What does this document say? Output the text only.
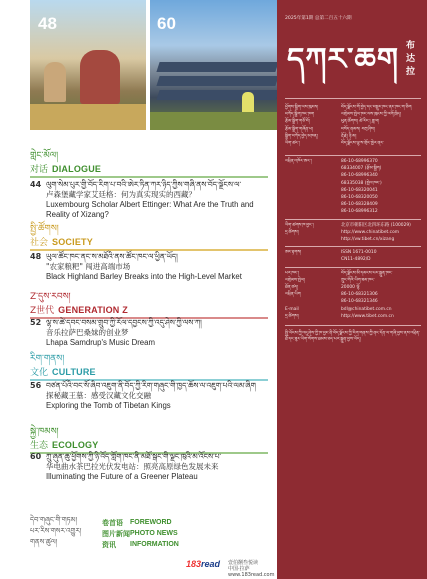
48	60
གླེང་མོལ།
对话 DIALOGUE
44 ལུག་སེམ་པུར་གྱི་བོད་རིག་པ་བའི་ཨེར་ཏིན་ཀར་ཉིད་ཀྱིས་གཞི་ནས་བོད་ལྗོངས་ལ་
卢森堡藏学家艾廷格：何为真实现实的西藏？
Luxembourg Scholar Albert Ettinger: What Are the Truth and Reality of Xizang?
སྤྱི་ཚོགས།
社会 SOCIETY
48 ཡུལ་ཚོང་ཁང་ནང་ས་མཐོའི་ནས་ཚོང་ཁང་ལ་ཕྱིན་ཡོད།
"农家粮粑" 闯进高端市场
Black Highland Barley Breaks into the High-Level Market
Z་དུས་རབས།
Z世代 GENERATION Z
52 ལྷ་ས་ཚེ་དབང་བསམ་གྲུབ་ཀྱི་རོལ་དབྱངས་ཀྱི་འདུ་ཤེས་ཀྱི་ལས་ཀ།
音乐拉萨巴桑妹的创业梦
Lhapa Samdrup's Music Dream
རིག་གནས།
文化 CULTURE
56 བཙན་པོའི་བང་སོ་ཞིབ་འཇུག་ནི་བོད་ཀྱི་རིག་གཞུང་གི་ཁྱད་ཆོས་ལ་འཇུག་པའི་ལམ་ཞིག
探秘藏王墓：感受汉藏文化交融
Exploring the Tomb of Tibetan Kings
སྐྱེ་ཁམས།
生态 ECOLOGY
60 ཀྲུ་ཞུན་ཆུ་ཕྱོགས་ཀྱི་ཉི་འོད་གློག་ཁང་ནི་མཐོ་སྒང་གི་ལྗང་ཁུའི་མ་འོངས་པ་
华电曲水茶巴拉光伏发电站：照亮高原绿色发展未来
Illuminating the Future of a Greener Plateau
དེབ་གཞུང་གི་གཏམ།	卷首语	FOREWORD
པར་རིས་གསར་འགྱུར།	图片新闻 PHOTO NEWS
གནས་ཚུལ།	资讯	INFORMATION
183read 壹伯捌叁悦读
中国·拉萨 www.183read.com
2025年第1期 总第二百五十六期
དཀར་ཆག 布达拉
ཕྱོགས་སྒྲིག་ལས་ཁུངས།	བོད་ལྗོངས་གོ་བྱེད་དང་བསྡུར་ཁང་ནང་ཁང་ག་ཅིག
བཀོད་སྒྲིག་ཁང་ཁག	འགྲེམས་སྤེལ་ཁང་ལས་ཁུངས་ཀྱི་འགོ་ཁྲིད།
རྩོམ་སྒྲིག་གཙོ་བོ།	ཕུན་ཚོགས། ཚེ་རིང་། ཟླ་བ།
རྩོམ་སྒྲིག་གཞོན་པ།	བསོད་ནམས། བཀྲ་ཤིས།
སྒྲིག་བཀོད་བྱེད་མཁན།	རྡོ་རྗེ། ཉི་མ།
ཡིག་ཚང་།	བོད་ལྗོངས་ལྷ་ས་གྲོང་ཁྱེར་ནང་
འཕྲིན་འཁོར་ཨང་།	86-10-68996370
68334007 (རྩོམ་སྒྲིག)
86-10-68996340
68335038 (སྤེལ་ཁང་)
86-10-68320041
86-10-68320050
86-10-68328409
86-10-68996312
ཡིག་ཚགས་ཁ་བྱང་།	北京市朝阳区北四环东路 (100029)
དྲ་ཚིགས།	http://www.chinatibet.com
http://vw.tibet.cn/xizang
ཨང་རྟགས།	ISSN 1671-0010
CN11-4892/D
པར་ཁང་།	བོད་ལྗོངས་མི་དམངས་པར་སྐྲུན་ཁང་
འགྲེམས་སྤེལ།	ཀྲུང་གོའི་ཡིག་ཟམ་ཁང་
ཐོན་ཚད།	20000 ལྷོ
འཕྲིན་ཡིག	86-10-68321306
86-10-68321346
E-mail	bdl@chinatibet.com.cn
དྲ་ཚིགས།	http://www.tibet.com.cn
སྤྱི་ཡོངས་ཀྱི་འདུ་ཤེས་ཀྱི་ཁ་བྱང་ནི་བོད་ལྗོངས་ཀྱི་རིག་གནས་ཀྱི་ནང་དོན་ལ་གཞི་བྱས་ནས་འཕྲིན་ཐོ་དང་ཟུར་ཡིག་སོགས་ཐམས་ཅད་པར་སྐྲུན་བྱས་ཡོད།
